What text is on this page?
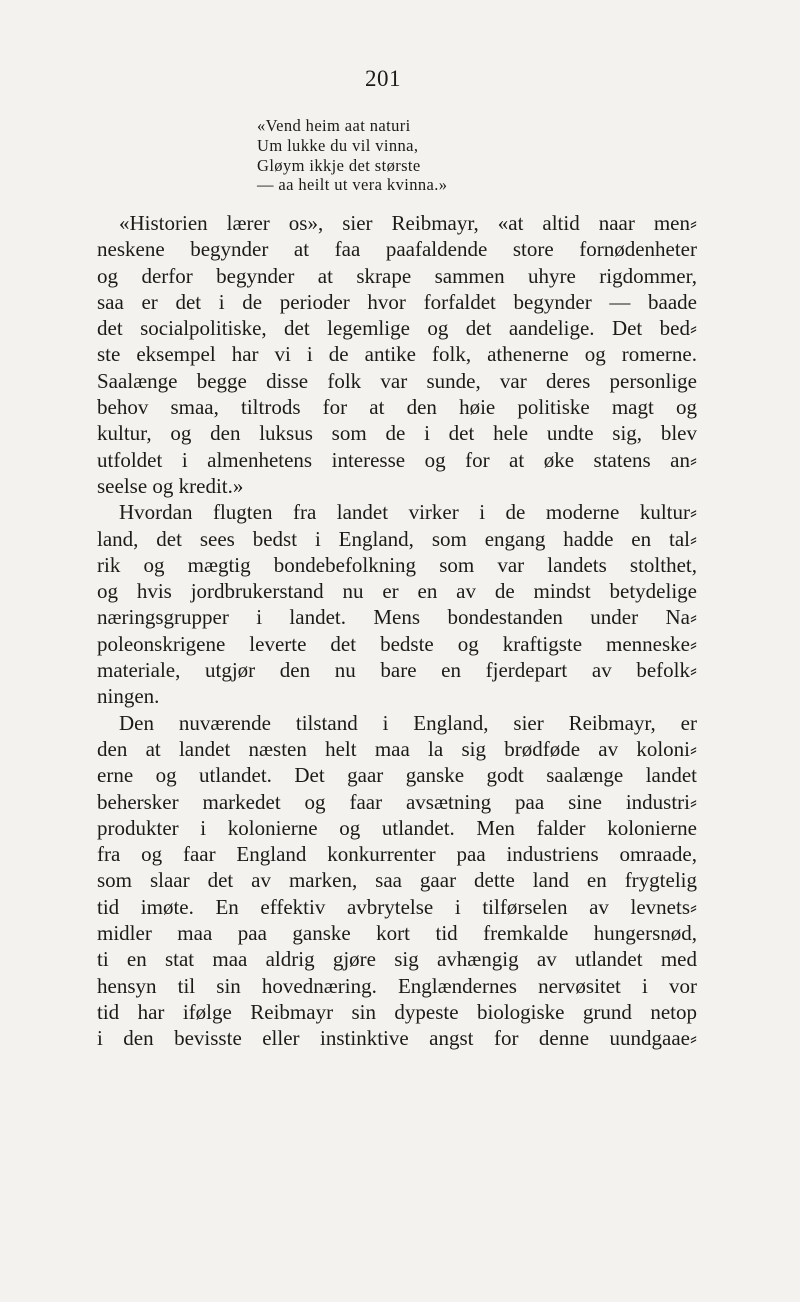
201
«Vend heim aat naturi
Um lukke du vil vinna,
Gløym ikkje det største
— aa heilt ut vera kvinna.»
«Historien lærer os», sier Reibmayr, «at altid naar men⸗
neskene begynder at faa paafaldende store fornødenheter
og derfor begynder at skrape sammen uhyre rigdommer,
saa er det i de perioder hvor forfaldet begynder — baade
det socialpolitiske, det legemlige og det aandelige. Det bed⸗
ste eksempel har vi i de antike folk, athenerne og romerne.
Saalænge begge disse folk var sunde, var deres personlige
behov smaa, tiltrods for at den høie politiske magt og
kultur, og den luksus som de i det hele undte sig, blev
utfoldet i almenhetens interesse og for at øke statens an⸗
seelse og kredit.»
Hvordan flugten fra landet virker i de moderne kultur⸗
land, det sees bedst i England, som engang hadde en tal⸗
rik og mægtig bondebefolkning som var landets stolthet,
og hvis jordbrukerstand nu er en av de mindst betydelige
næringsgrupper i landet. Mens bondestanden under Na⸗
poleonskrigene leverte det bedste og kraftigste menneske⸗
materiale, utgjør den nu bare en fjerdepart av befolk⸗
ningen.
Den nuværende tilstand i England, sier Reibmayr, er
den at landet næsten helt maa la sig brødføde av koloni⸗
erne og utlandet. Det gaar ganske godt saalænge landet
behersker markedet og faar avsætning paa sine industri⸗
produkter i kolonierne og utlandet. Men falder kolonierne
fra og faar England konkurrenter paa industriens omraade,
som slaar det av marken, saa gaar dette land en frygtelig
tid imøte. En effektiv avbrytelse i tilførselen av levnets⸗
midler maa paa ganske kort tid fremkalde hungersnød,
ti en stat maa aldrig gjøre sig avhængig av utlandet med
hensyn til sin hovednæring. Englændernes nervøsitet i vor
tid har ifølge Reibmayr sin dypeste biologiske grund netop
i den bevisste eller instinktive angst for denne uundgaae⸗
